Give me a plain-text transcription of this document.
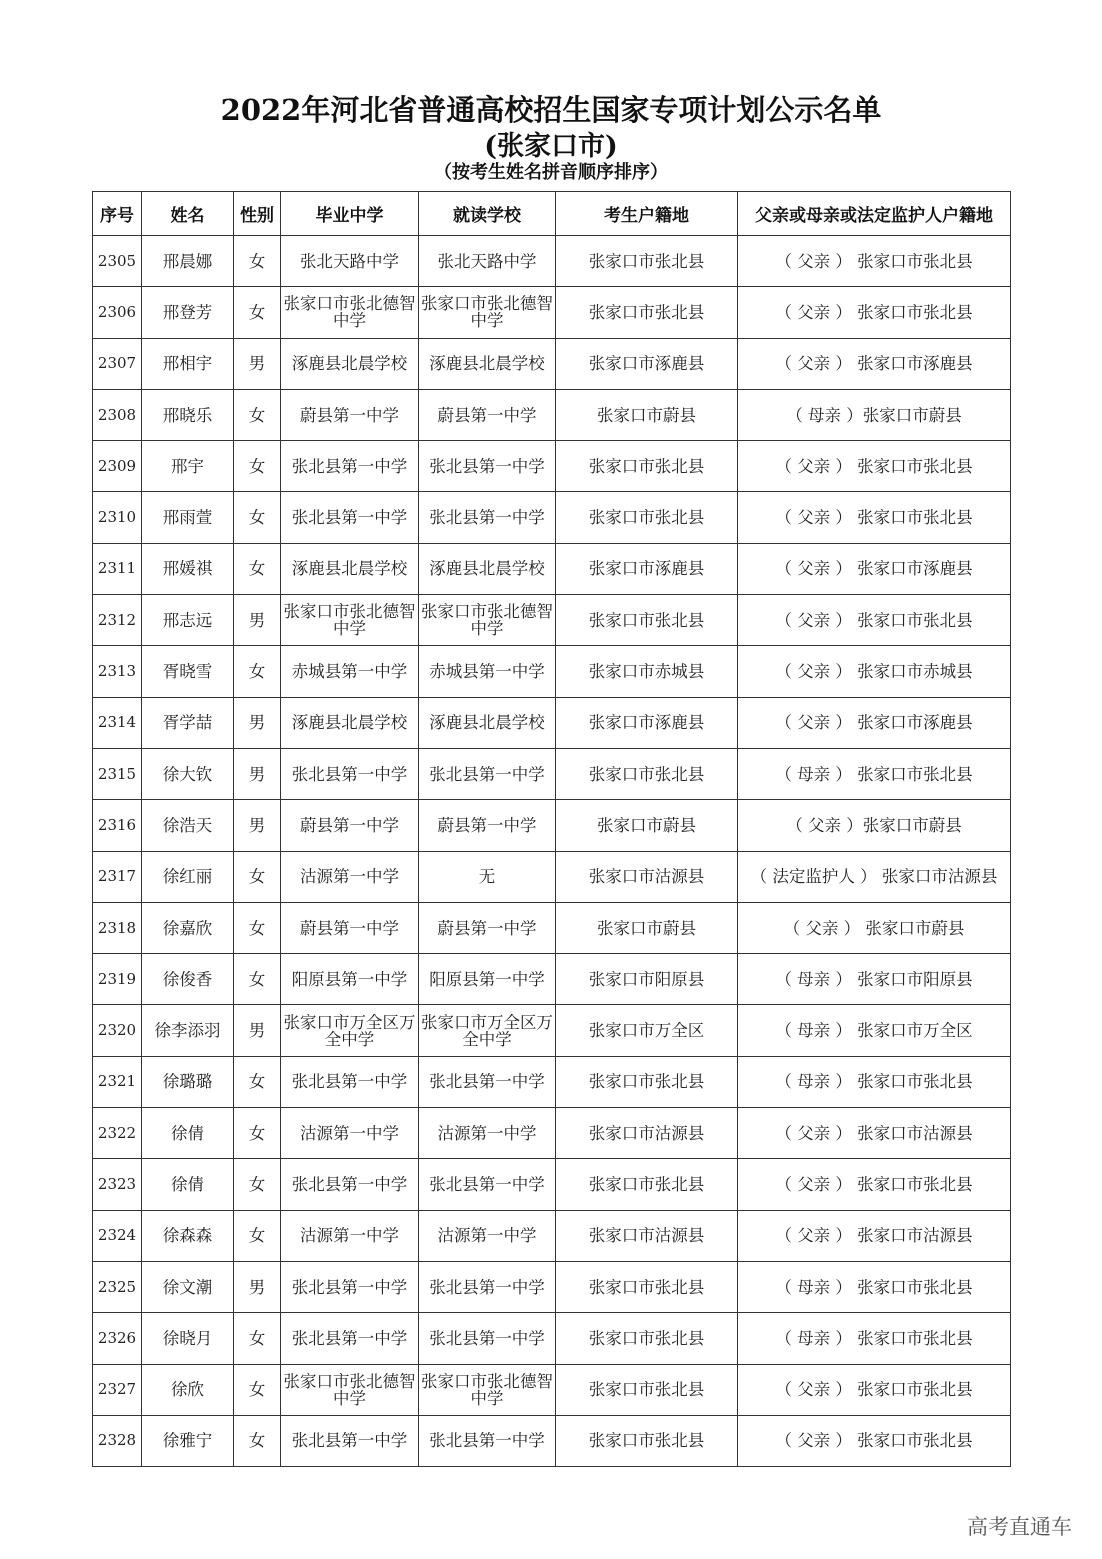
2022年河北省普通高校招生国家专项计划公示名单
(张家口市)
（按考生姓名拼音顺序排序）
序号	姓名	性别	毕业中学	就读学校	考生户籍地	父亲或母亲或法定监护人户籍地
2305	邢晨娜	女	张北天路中学	张北天路中学	张家口市张北县	（ 父亲 ） 张家口市张北县
2306	邢登芳	女	张家口市张北德智中学	张家口市张北德智中学	张家口市张北县	（ 父亲 ） 张家口市张北县
2307	邢相宇	男	涿鹿县北晨学校	涿鹿县北晨学校	张家口市涿鹿县	（ 父亲 ） 张家口市涿鹿县
2308	邢晓乐	女	蔚县第一中学	蔚县第一中学	张家口市蔚县	（ 母亲 ）张家口市蔚县
2309	邢宇	女	张北县第一中学	张北县第一中学	张家口市张北县	（ 父亲 ） 张家口市张北县
2310	邢雨萱	女	张北县第一中学	张北县第一中学	张家口市张北县	（ 父亲 ） 张家口市张北县
2311	邢媛祺	女	涿鹿县北晨学校	涿鹿县北晨学校	张家口市涿鹿县	（ 父亲 ） 张家口市涿鹿县
2312	邢志远	男	张家口市张北德智中学	张家口市张北德智中学	张家口市张北县	（ 父亲 ） 张家口市张北县
2313	胥晓雪	女	赤城县第一中学	赤城县第一中学	张家口市赤城县	（ 父亲 ） 张家口市赤城县
2314	胥学喆	男	涿鹿县北晨学校	涿鹿县北晨学校	张家口市涿鹿县	（ 父亲 ） 张家口市涿鹿县
2315	徐大钦	男	张北县第一中学	张北县第一中学	张家口市张北县	（ 母亲 ） 张家口市张北县
2316	徐浩天	男	蔚县第一中学	蔚县第一中学	张家口市蔚县	（ 父亲 ）张家口市蔚县
2317	徐红丽	女	沽源第一中学	无	张家口市沽源县	（ 法定监护人 ） 张家口市沽源县
2318	徐嘉欣	女	蔚县第一中学	蔚县第一中学	张家口市蔚县	（ 父亲 ） 张家口市蔚县
2319	徐俊香	女	阳原县第一中学	阳原县第一中学	张家口市阳原县	（ 母亲 ） 张家口市阳原县
2320	徐李添羽	男	张家口市万全区万全中学	张家口市万全区万全中学	张家口市万全区	（ 母亲 ） 张家口市万全区
2321	徐璐璐	女	张北县第一中学	张北县第一中学	张家口市张北县	（ 母亲 ） 张家口市张北县
2322	徐倩	女	沽源第一中学	沽源第一中学	张家口市沽源县	（ 父亲 ） 张家口市沽源县
2323	徐倩	女	张北县第一中学	张北县第一中学	张家口市张北县	（ 父亲 ） 张家口市张北县
2324	徐森森	女	沽源第一中学	沽源第一中学	张家口市沽源县	（ 父亲 ） 张家口市沽源县
2325	徐文潮	男	张北县第一中学	张北县第一中学	张家口市张北县	（ 母亲 ） 张家口市张北县
2326	徐晓月	女	张北县第一中学	张北县第一中学	张家口市张北县	（ 母亲 ） 张家口市张北县
2327	徐欣	女	张家口市张北德智中学	张家口市张北德智中学	张家口市张北县	（ 父亲 ） 张家口市张北县
2328	徐雅宁	女	张北县第一中学	张北县第一中学	张家口市张北县	（ 父亲 ） 张家口市张北县
高考直通车
